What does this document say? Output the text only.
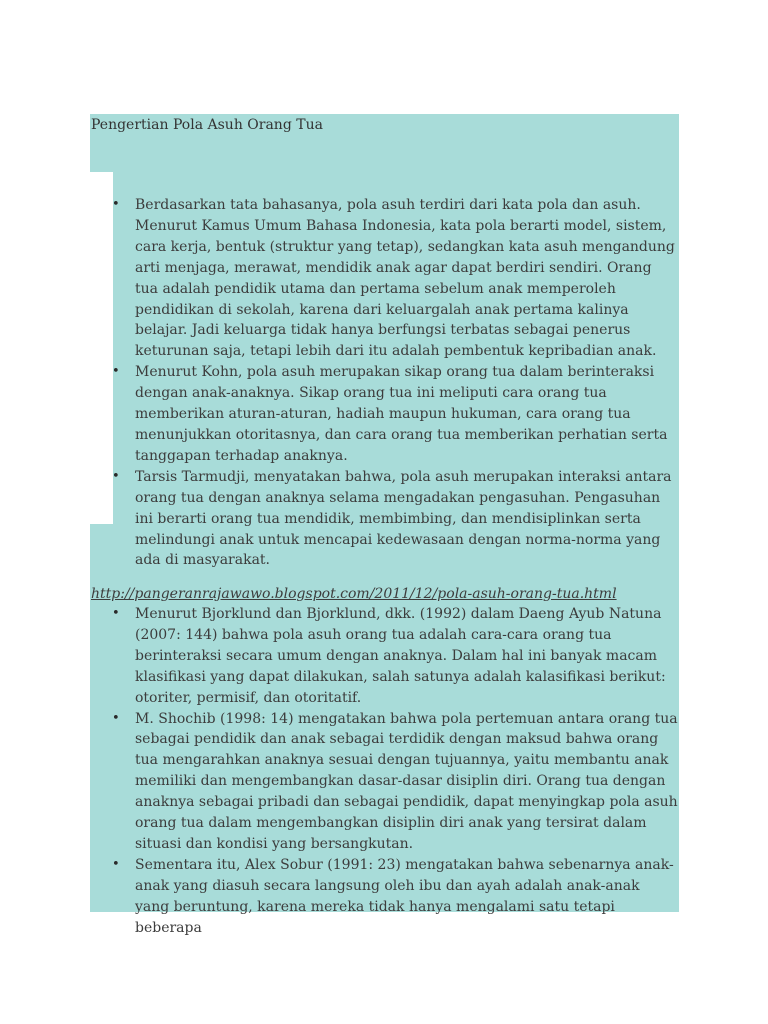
Pengertian Pola Asuh Orang Tua
• Berdasarkan tata bahasanya, pola asuh terdiri dari kata pola dan asuh. Menurut Kamus Umum Bahasa Indonesia, kata pola berarti model, sistem, cara kerja, bentuk (struktur yang tetap), sedangkan kata asuh mengandung arti menjaga, merawat, mendidik anak agar dapat berdiri sendiri. Orang tua adalah pendidik utama dan pertama sebelum anak memperoleh pendidikan di sekolah, karena dari keluargalah anak pertama kalinya belajar. Jadi keluarga tidak hanya berfungsi terbatas sebagai penerus keturunan saja, tetapi lebih dari itu adalah pembentuk kepribadian anak.
• Menurut Kohn, pola asuh merupakan sikap orang tua dalam berinteraksi dengan anak-anaknya. Sikap orang tua ini meliputi cara orang tua memberikan aturan-aturan, hadiah maupun hukuman, cara orang tua menunjukkan otoritasnya, dan cara orang tua memberikan perhatian serta tanggapan terhadap anaknya.
• Tarsis Tarmudji, menyatakan bahwa, pola asuh merupakan interaksi antara orang tua dengan anaknya selama mengadakan pengasuhan. Pengasuhan ini berarti orang tua mendidik, membimbing, dan mendisiplinkan serta melindungi anak untuk mencapai kedewasaan dengan norma-norma yang ada di masyarakat.
http://pangeranrajawawo.blogspot.com/2011/12/pola-asuh-orang-tua.html
• Menurut Bjorklund dan Bjorklund, dkk. (1992) dalam Daeng Ayub Natuna (2007: 144) bahwa pola asuh orang tua adalah cara-cara orang tua berinteraksi secara umum dengan anaknya. Dalam hal ini banyak macam klasifikasi yang dapat dilakukan, salah satunya adalah kalasifikasi berikut: otoriter, permisif, dan otoritatif.
• M. Shochib (1998: 14) mengatakan bahwa pola pertemuan antara orang tua sebagai pendidik dan anak sebagai terdidik dengan maksud bahwa orang tua mengarahkan anaknya sesuai dengan tujuannya, yaitu membantu anak memiliki dan mengembangkan dasar-dasar disiplin diri. Orang tua dengan anaknya sebagai pribadi dan sebagai pendidik, dapat menyingkap pola asuh orang tua dalam mengembangkan disiplin diri anak yang tersirat dalam situasi dan kondisi yang bersangkutan.
• Sementara itu, Alex Sobur (1991: 23) mengatakan bahwa sebenarnya anak-anak yang diasuh secara langsung oleh ibu dan ayah adalah anak-anak yang beruntung, karena mereka tidak hanya mengalami satu tetapi beberapa
